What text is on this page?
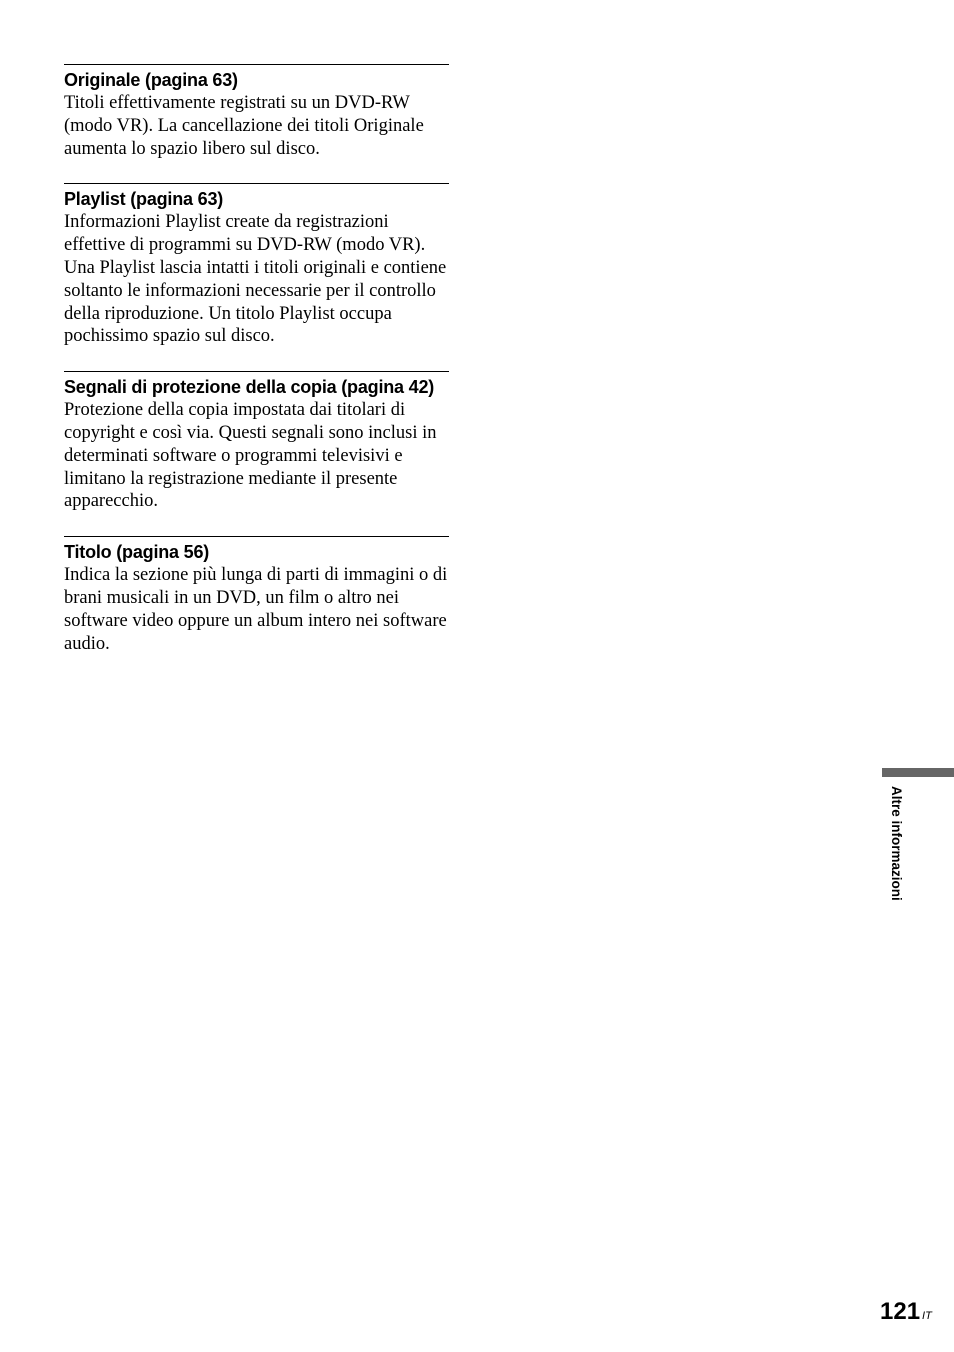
Originale (pagina 63)

Titoli effettivamente registrati su un DVD-RW (modo VR). La cancellazione dei titoli Originale aumenta lo spazio libero sul disco.

Playlist (pagina 63)

Informazioni Playlist create da registrazioni effettive di programmi su DVD-RW (modo VR). Una Playlist lascia intatti i titoli originali e contiene soltanto le informazioni necessarie per il controllo della riproduzione. Un titolo Playlist occupa pochissimo spazio sul disco.

Segnali di protezione della copia (pagina 42)

Protezione della copia impostata dai titolari di copyright e così via. Questi segnali sono inclusi in determinati software o programmi televisivi e limitano la registrazione mediante il presente apparecchio.

Titolo (pagina 56)

Indica la sezione più lunga di parti di immagini o di brani musicali in un DVD, un film o altro nei software video oppure un album intero nei software audio.

Altre informazioni
121 $^{IT}$
